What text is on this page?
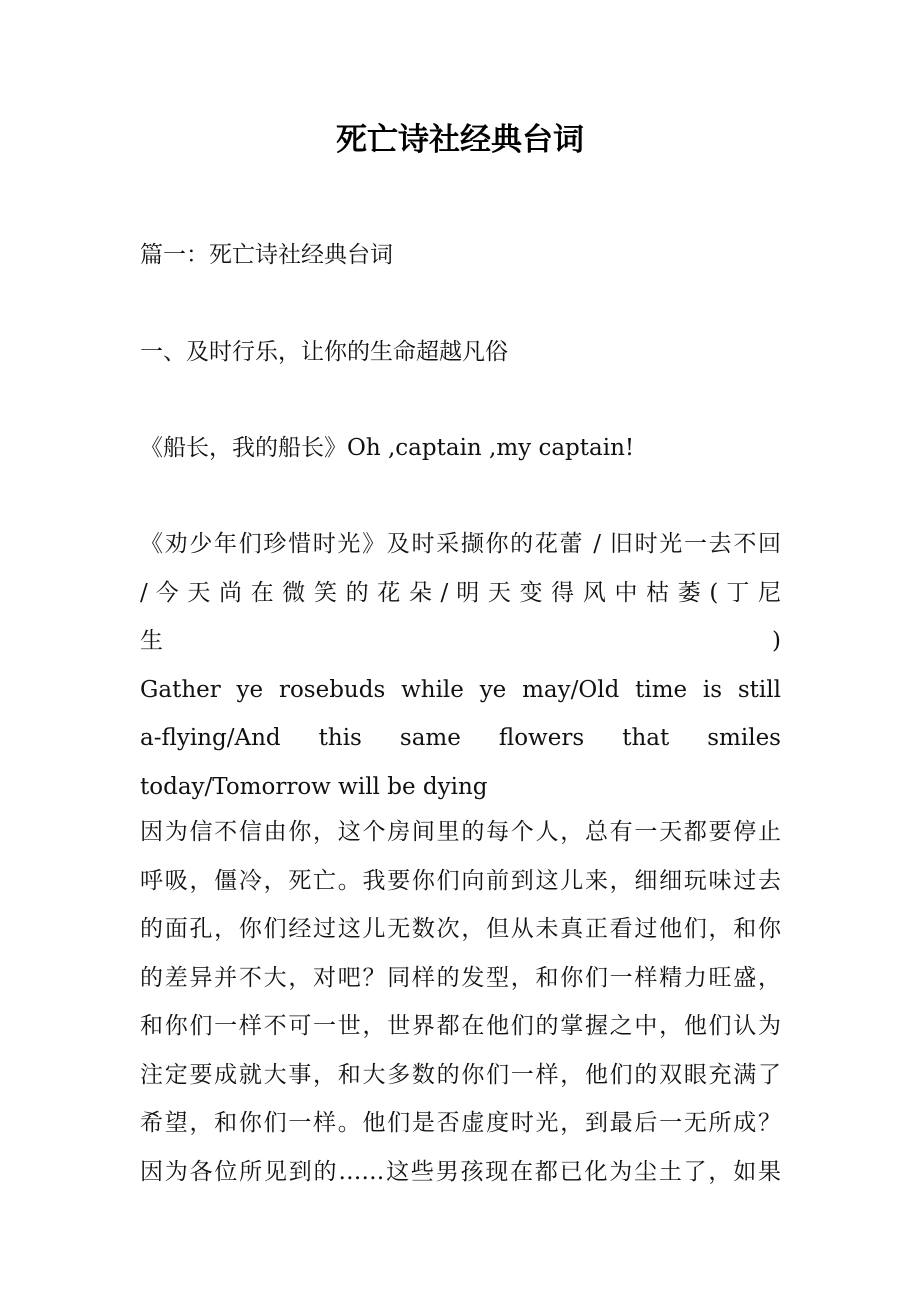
死亡诗社经典台词

篇一：死亡诗社经典台词

一、及时行乐，让你的生命超越凡俗

《船长，我的船长》Oh ,captain ,my captain!

《劝少年们珍惜时光》及时采撷你的花蕾 / 旧时光一去不回
/ 今 天 尚 在 微 笑 的 花 朵 / 明 天 变 得 风 中 枯 萎 ( 丁 尼 生 )
Gather ye rosebuds while ye may/Old time is still
a-flying/And this same flowers that smiles
today/Tomorrow will be dying
因为信不信由你，这个房间里的每个人，总有一天都要停止
呼吸，僵冷，死亡。我要你们向前到这儿来，细细玩味过去
的面孔，你们经过这儿无数次，但从未真正看过他们，和你
的差异并不大，对吧？同样的发型，和你们一样精力旺盛，
和你们一样不可一世，世界都在他们的掌握之中，他们认为
注定要成就大事，和大多数的你们一样，他们的双眼充满了
希望，和你们一样。他们是否虚度时光，到最后一无所成？
因为各位所见到的……这些男孩现在都已化为尘土了，如果
